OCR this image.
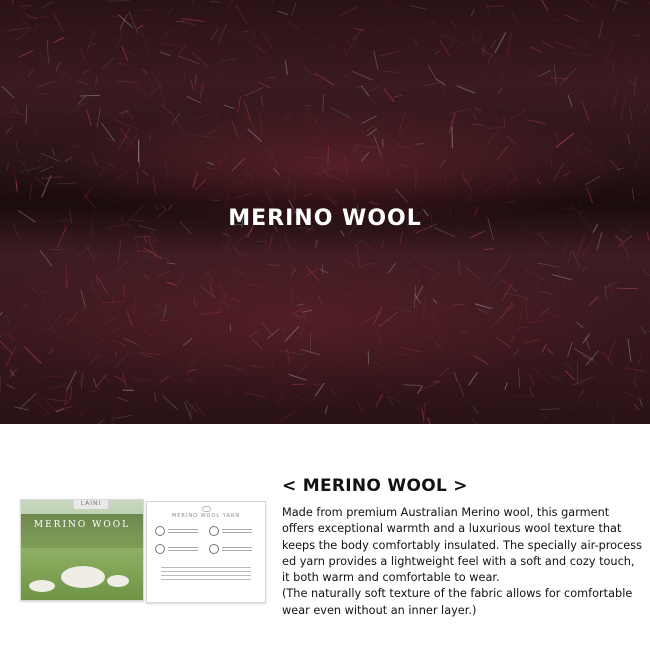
MERINO WOOL
LAINI
MERINO WOOL
MERINO WOOL YARN
< MERINO WOOL >

Made from premium Australian Merino wool, this garment

offers exceptional warmth and a luxurious wool texture that

keeps the body comfortably insulated. The specially air-process

ed yarn provides a lightweight feel with a soft and cozy touch,

it both warm and comfortable to wear.

(The naturally soft texture of the fabric allows for comfortable

wear even without an inner layer.)
